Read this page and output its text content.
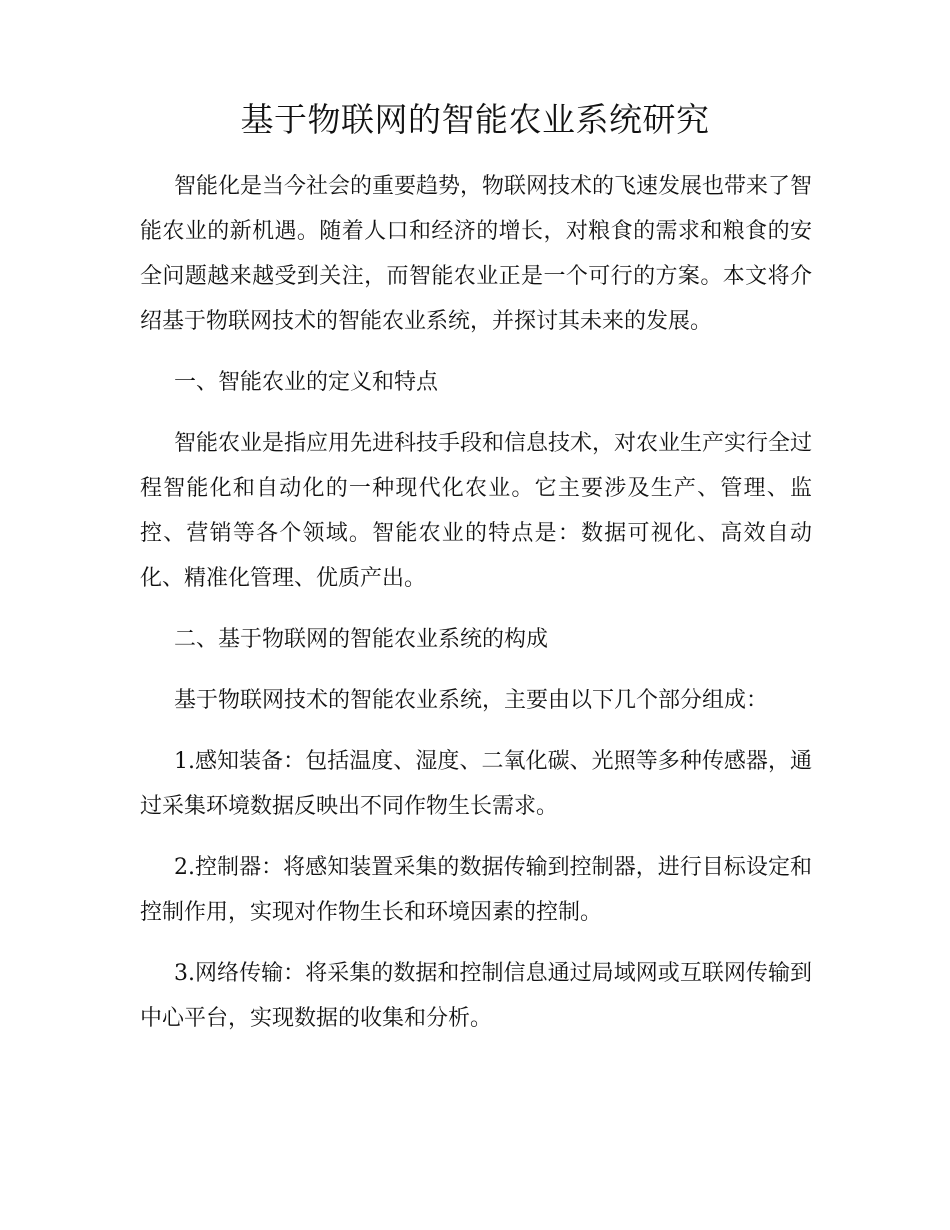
基于物联网的智能农业系统研究

智能化是当今社会的重要趋势，物联网技术的飞速发展也带来了智能农业的新机遇。随着人口和经济的增长，对粮食的需求和粮食的安全问题越来越受到关注，而智能农业正是一个可行的方案。本文将介绍基于物联网技术的智能农业系统，并探讨其未来的发展。

一、智能农业的定义和特点

智能农业是指应用先进科技手段和信息技术，对农业生产实行全过程智能化和自动化的一种现代化农业。它主要涉及生产、管理、监控、营销等各个领域。智能农业的特点是：数据可视化、高效自动化、精准化管理、优质产出。

二、基于物联网的智能农业系统的构成

基于物联网技术的智能农业系统，主要由以下几个部分组成：

1.感知装备：包括温度、湿度、二氧化碳、光照等多种传感器，通过采集环境数据反映出不同作物生长需求。

2.控制器：将感知装置采集的数据传输到控制器，进行目标设定和控制作用，实现对作物生长和环境因素的控制。

3.网络传输：将采集的数据和控制信息通过局域网或互联网传输到中心平台，实现数据的收集和分析。
